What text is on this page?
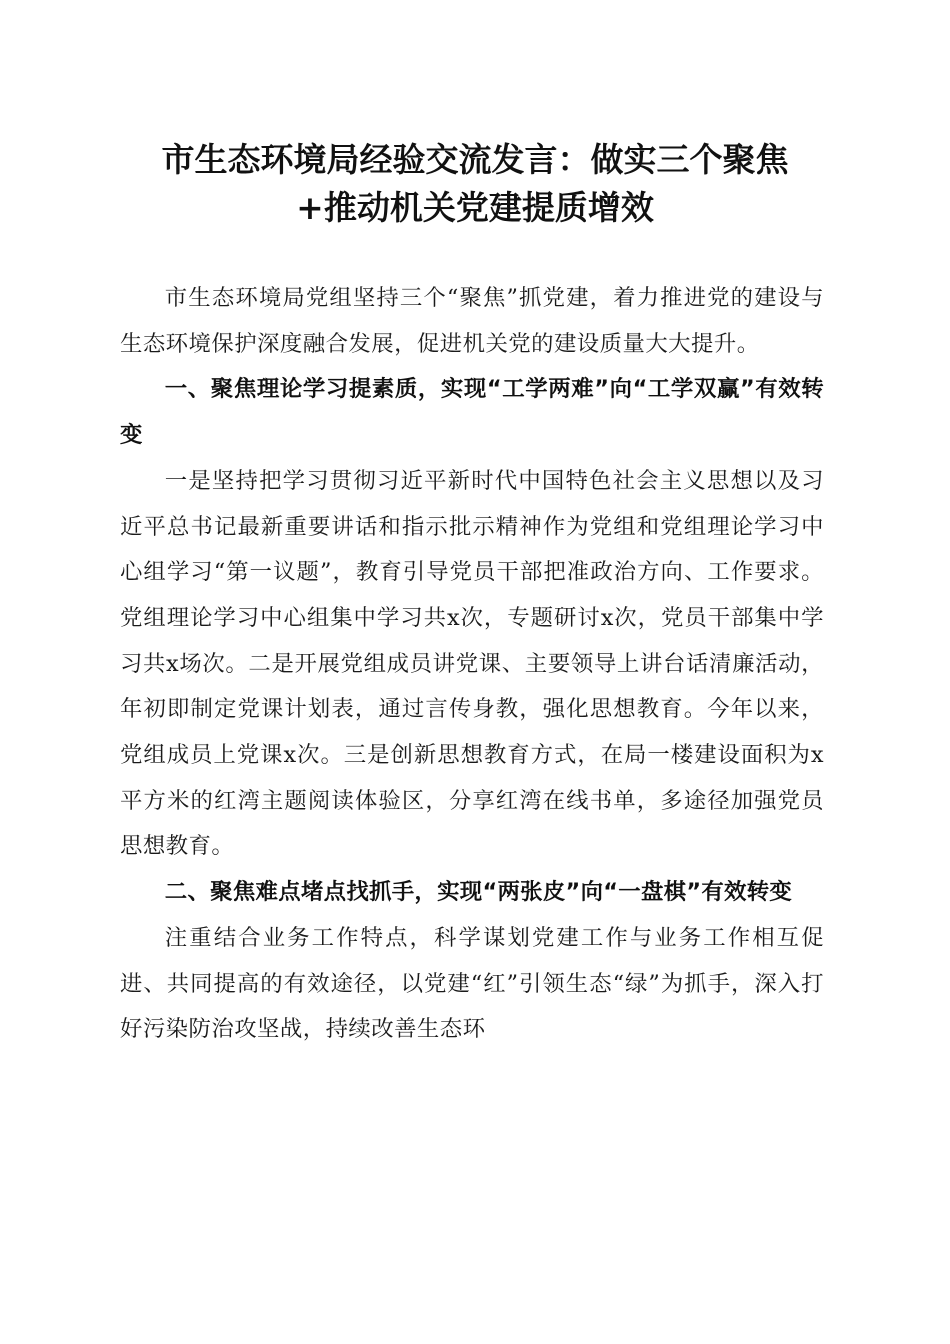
市生态环境局经验交流发言：做实三个聚焦
+推动机关党建提质增效

市生态环境局党组坚持三个“聚焦”抓党建，着力推进党的建设与生态环境保护深度融合发展，促进机关党的建设质量大大提升。

一、聚焦理论学习提素质，实现“工学两难”向“工学双赢”有效转变

一是坚持把学习贯彻习近平新时代中国特色社会主义思想以及习近平总书记最新重要讲话和指示批示精神作为党组和党组理论学习中心组学习“第一议题”，教育引导党员干部把准政治方向、工作要求。党组理论学习中心组集中学习共x次，专题研讨x次，党员干部集中学习共x场次。二是开展党组成员讲党课、主要领导上讲台话清廉活动，年初即制定党课计划表，通过言传身教，强化思想教育。今年以来，党组成员上党课x次。三是创新思想教育方式，在局一楼建设面积为x平方米的红湾主题阅读体验区，分享红湾在线书单，多途径加强党员思想教育。

二、聚焦难点堵点找抓手，实现“两张皮”向“一盘棋”有效转变

注重结合业务工作特点，科学谋划党建工作与业务工作相互促进、共同提高的有效途径，以党建“红”引领生态“绿”为抓手，深入打好污染防治攻坚战，持续改善生态环
